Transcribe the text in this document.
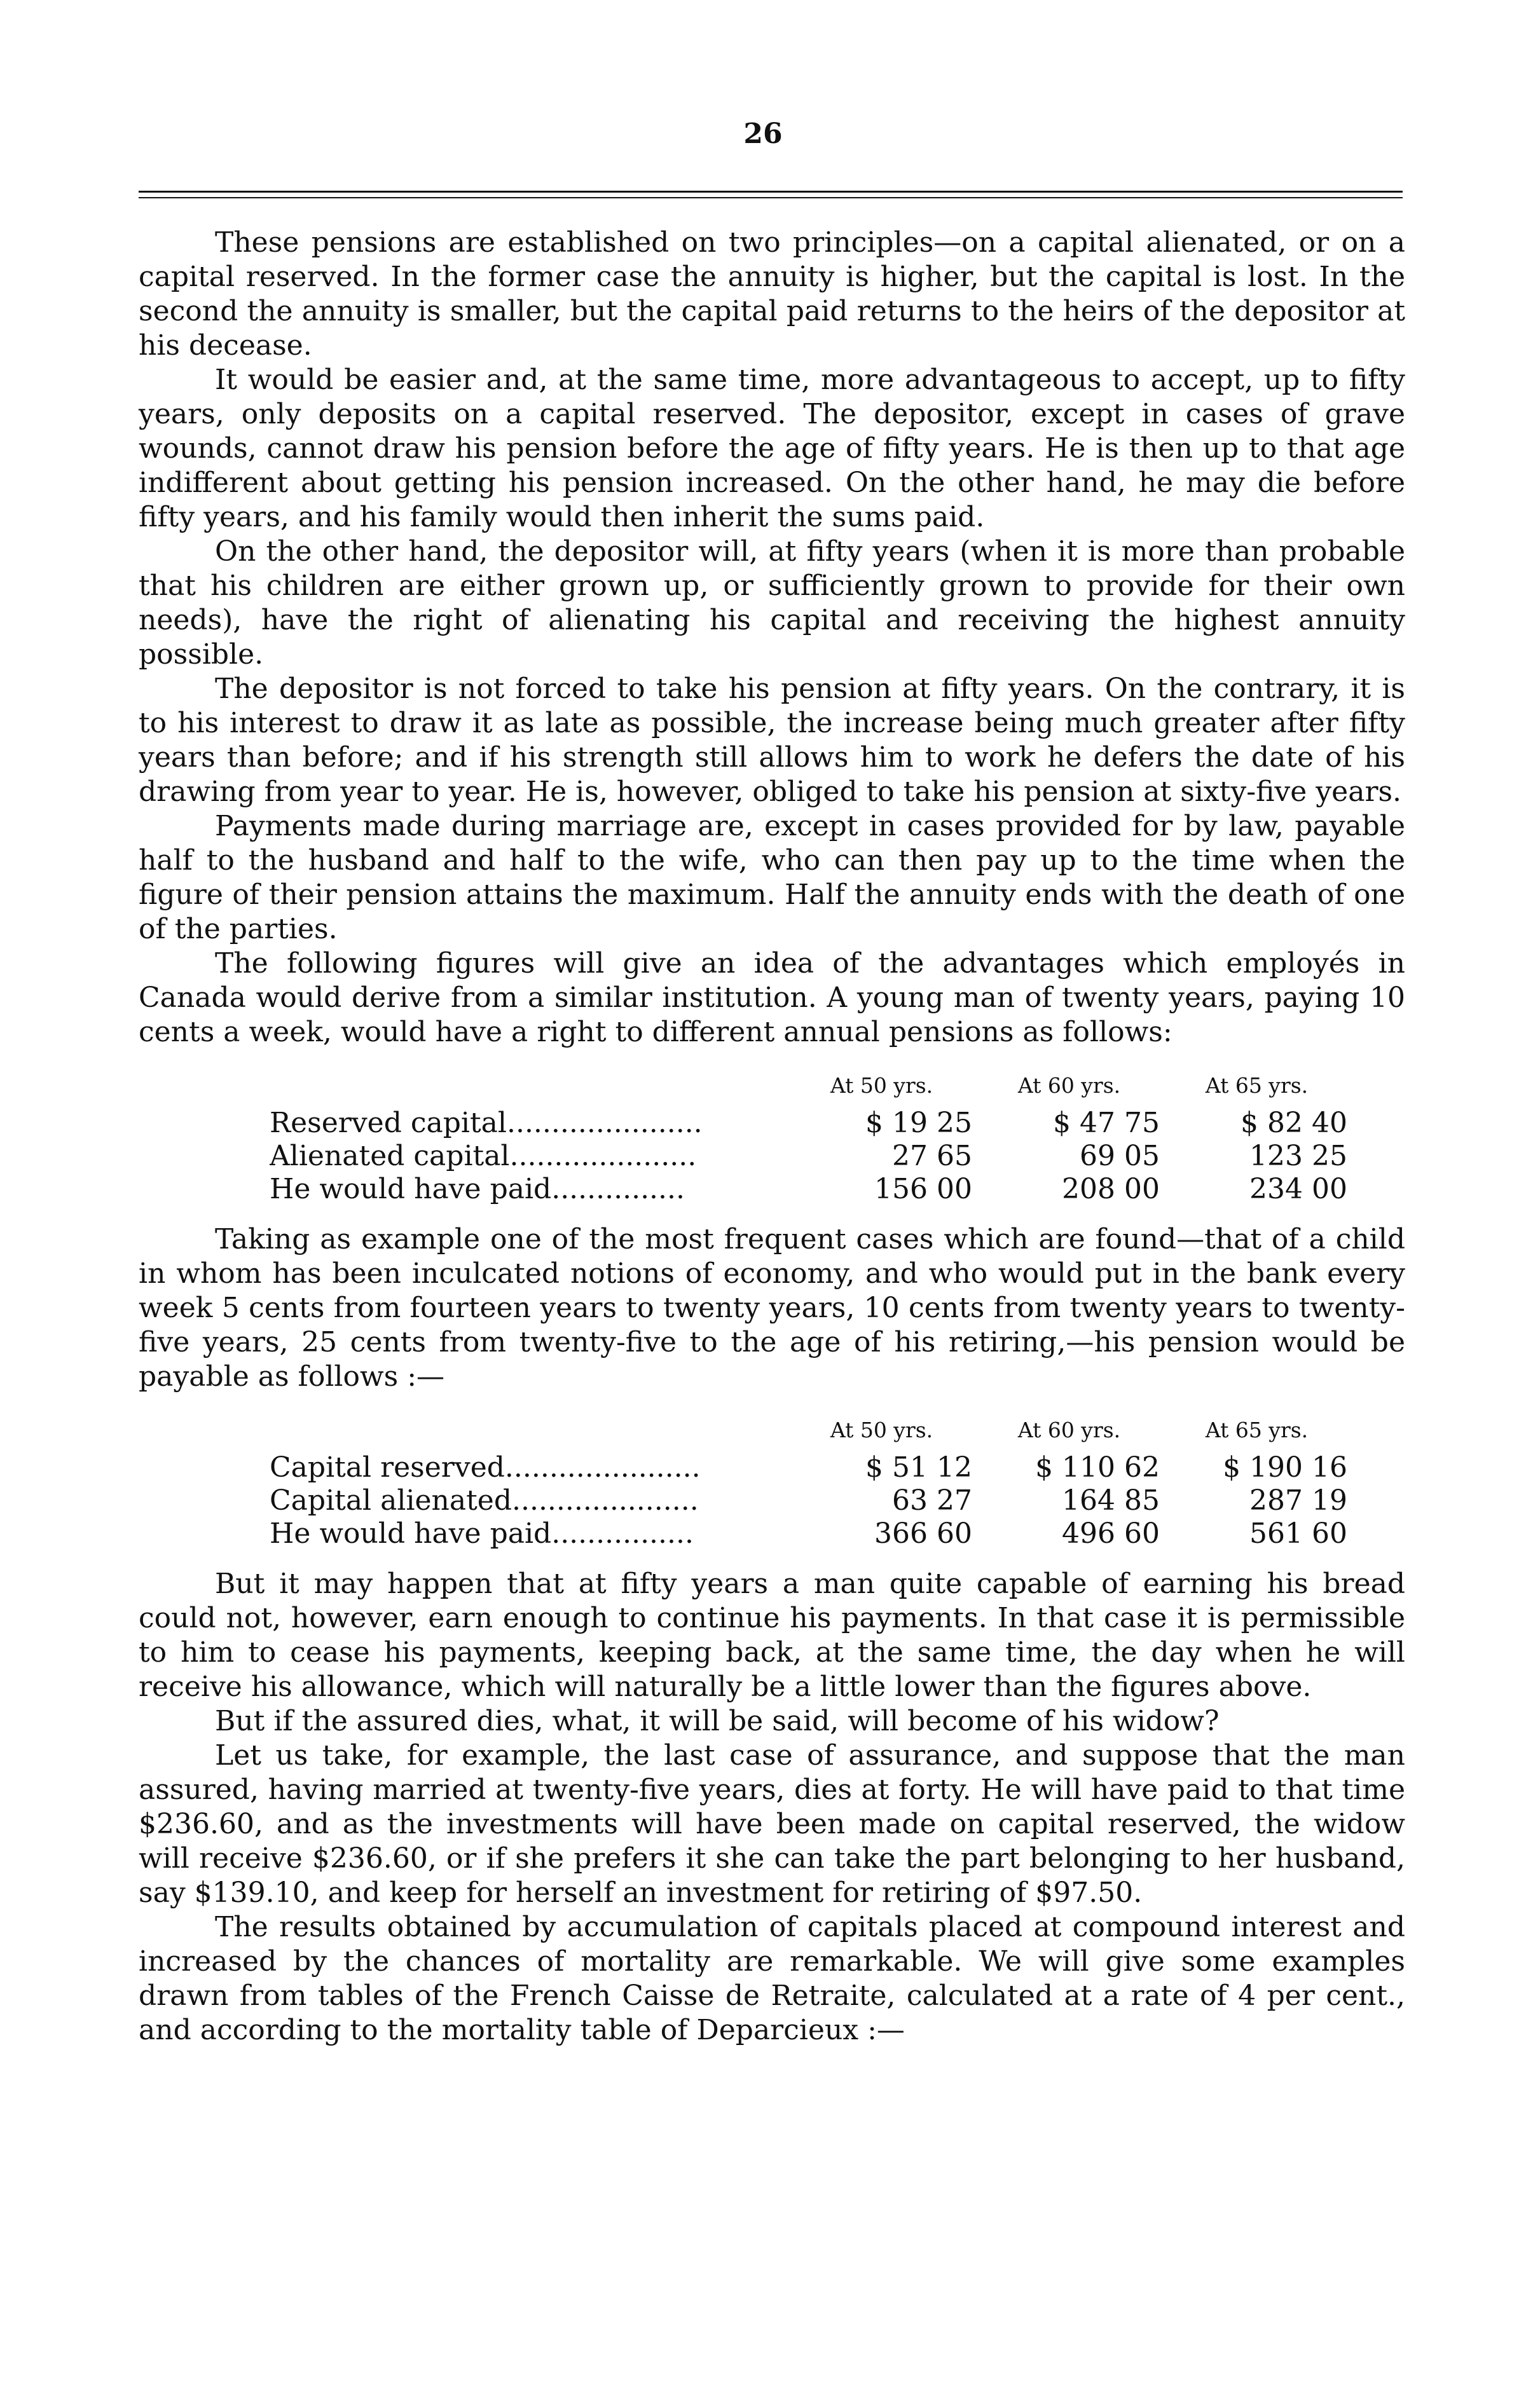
26

These pensions are established on two principles—on a capital alienated, or on a capital reserved. In the former case the annuity is higher, but the capital is lost. In the second the annuity is smaller, but the capital paid returns to the heirs of the depositor at his decease.

It would be easier and, at the same time, more advantageous to accept, up to fifty years, only deposits on a capital reserved. The depositor, except in cases of grave wounds, cannot draw his pension before the age of fifty years. He is then up to that age indifferent about getting his pension increased. On the other hand, he may die before fifty years, and his family would then inherit the sums paid.

On the other hand, the depositor will, at fifty years (when it is more than probable that his children are either grown up, or sufficiently grown to provide for their own needs), have the right of alienating his capital and receiving the highest annuity possible.

The depositor is not forced to take his pension at fifty years. On the contrary, it is to his interest to draw it as late as possible, the increase being much greater after fifty years than before; and if his strength still allows him to work he defers the date of his drawing from year to year. He is, however, obliged to take his pension at sixty-five years.

Payments made during marriage are, except in cases provided for by law, payable half to the husband and half to the wife, who can then pay up to the time when the figure of their pension attains the maximum. Half the annuity ends with the death of one of the parties.

The following figures will give an idea of the advantages which employés in Canada would derive from a similar institution. A young man of twenty years, paying 10 cents a week, would have a right to different annual pensions as follows:

	At 50 yrs.	At 60 yrs.	At 65 yrs.
Reserved capital......................	$ 19 25	$ 47 75	$ 82 40
Alienated capital.....................	27 65	69 05	123 25
He would have paid...............	156 00	208 00	234 00

Taking as example one of the most frequent cases which are found—that of a child in whom has been inculcated notions of economy, and who would put in the bank every week 5 cents from fourteen years to twenty years, 10 cents from twenty years to twenty-five years, 25 cents from twenty-five to the age of his retiring,—his pension would be payable as follows :—

	At 50 yrs.	At 60 yrs.	At 65 yrs.
Capital reserved......................	$ 51 12	$ 110 62	$ 190 16
Capital alienated.....................	63 27	164 85	287 19
He would have paid................	366 60	496 60	561 60

But it may happen that at fifty years a man quite capable of earning his bread could not, however, earn enough to continue his payments. In that case it is permissible to him to cease his payments, keeping back, at the same time, the day when he will receive his allowance, which will naturally be a little lower than the figures above.

But if the assured dies, what, it will be said, will become of his widow?

Let us take, for example, the last case of assurance, and suppose that the man assured, having married at twenty-five years, dies at forty. He will have paid to that time $236.60, and as the investments will have been made on capital reserved, the widow will receive $236.60, or if she prefers it she can take the part belonging to her husband, say $139.10, and keep for herself an investment for retiring of $97.50.

The results obtained by accumulation of capitals placed at compound interest and increased by the chances of mortality are remarkable. We will give some examples drawn from tables of the French Caisse de Retraite, calculated at a rate of 4 per cent., and according to the mortality table of Deparcieux :—
